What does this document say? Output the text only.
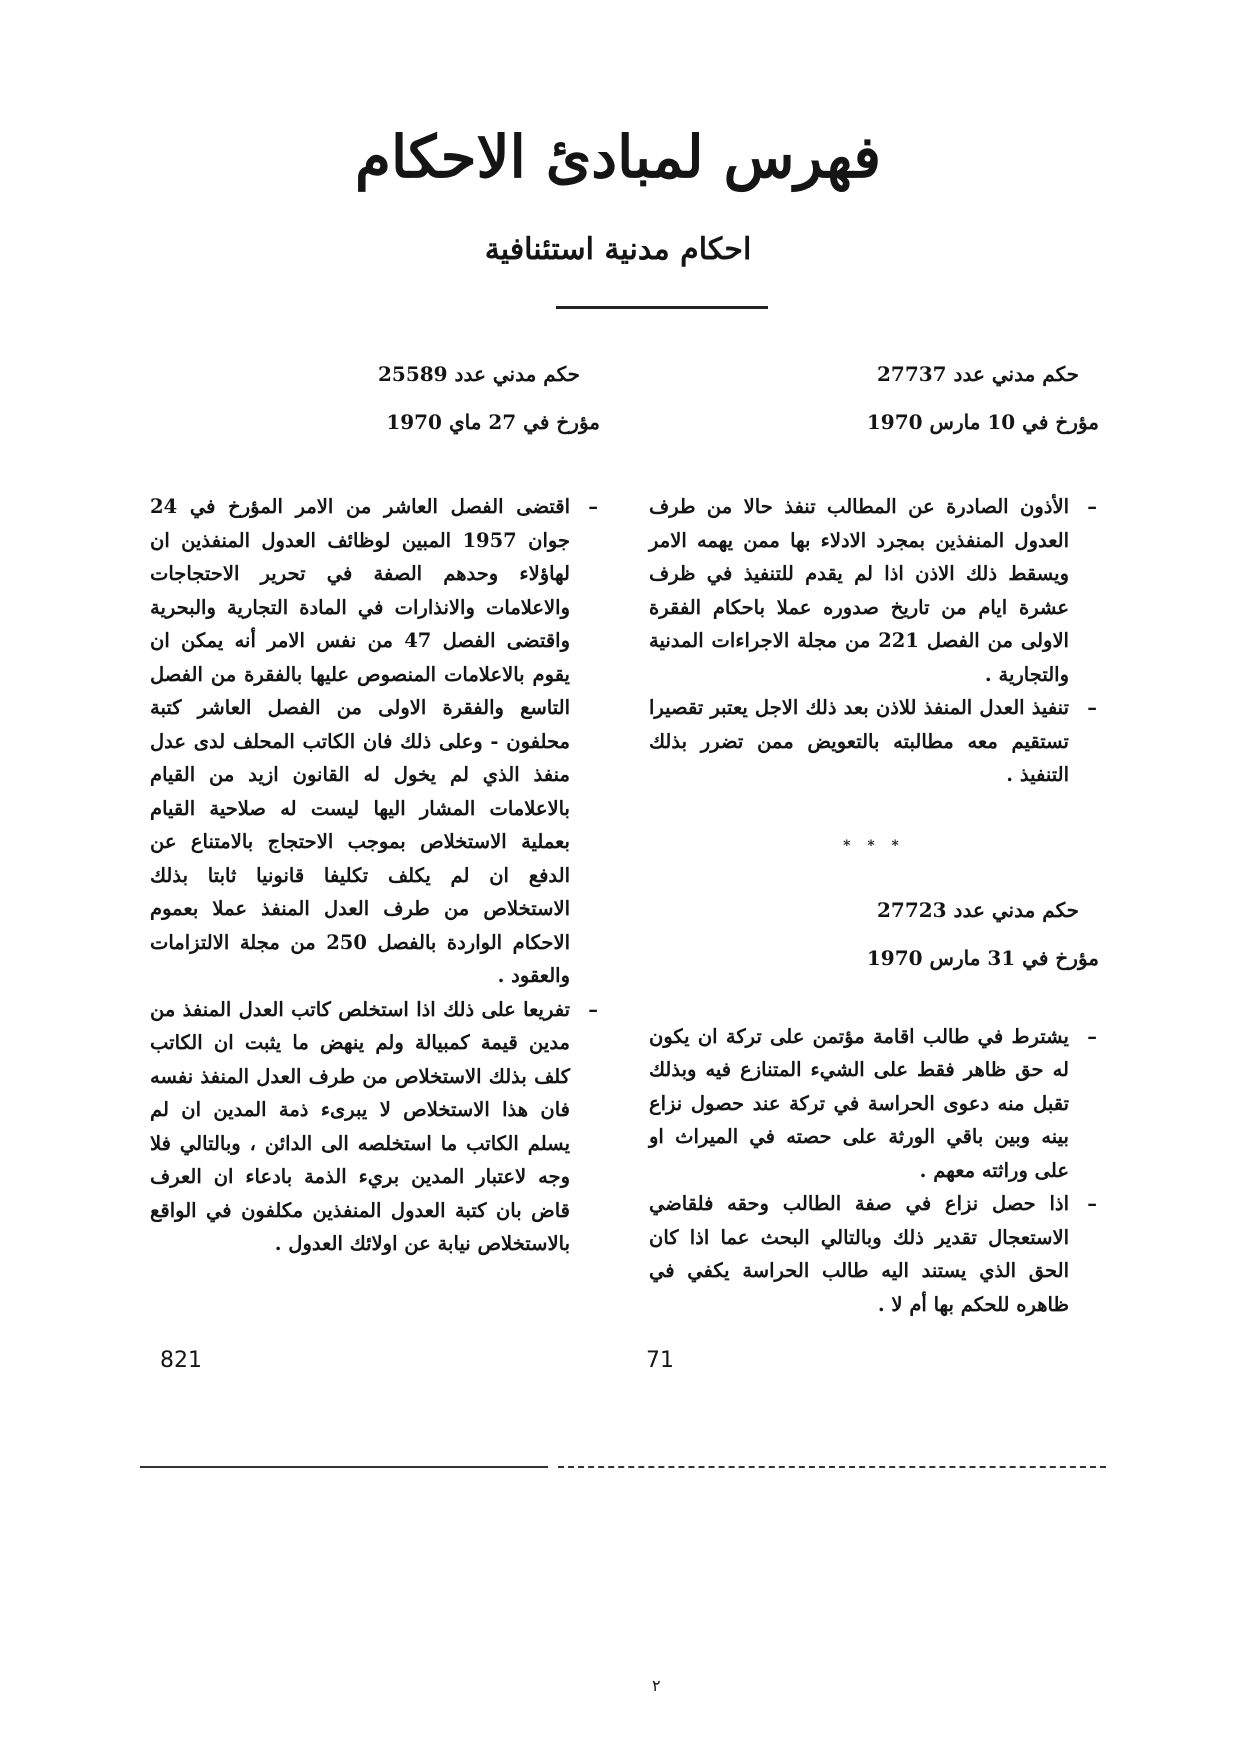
فهرس لمبادئ الاحكام
احكام مدنية استئنافية

حكم مدني عدد 27737

مؤرخ في 10 مارس 1970

–
الأذون الصادرة عن المطالب تنفذ حالا من طرف العدول المنفذين بمجرد الادلاء بها ممن يهمه الامر ويسقط ذلك الاذن اذا لم يقدم للتنفيذ في ظرف عشرة ايام من تاريخ صدوره عملا باحكام الفقرة الاولى من الفصل 221 من مجلة الاجراءات المدنية والتجارية .
–
تنفيذ العدل المنفذ للاذن بعد ذلك الاجل يعتبر تقصيرا تستقيم معه مطالبته بالتعويض ممن تضرر بذلك التنفيذ .
* * *

حكم مدني عدد 27723

مؤرخ في 31 مارس 1970

–
يشترط في طالب اقامة مؤتمن على تركة ان يكون له حق ظاهر فقط على الشيء المتنازع فيه وبذلك تقبل منه دعوى الحراسة في تركة عند حصول نزاع بينه وبين باقي الورثة على حصته في الميراث او على وراثته معهم .
–
اذا حصل نزاع في صفة الطالب وحقه فلقاضي الاستعجال تقدير ذلك وبالتالي البحث عما اذا كان الحق الذي يستند اليه طالب الحراسة يكفي في ظاهره للحكم بها أم لا .

حكم مدني عدد 25589

مؤرخ في 27 ماي 1970

–
اقتضى الفصل العاشر من الامر المؤرخ في 24 جوان 1957 المبين لوظائف العدول المنفذين ان لهاؤلاء وحدهم الصفة في تحرير الاحتجاجات والاعلامات والانذارات في المادة التجارية والبحرية واقتضى الفصل 47 من نفس الامر أنه يمكن ان يقوم بالاعلامات المنصوص عليها بالفقرة من الفصل التاسع والفقرة الاولى من الفصل العاشر كتبة محلفون - وعلى ذلك فان الكاتب المحلف لدى عدل منفذ الذي لم يخول له القانون ازيد من القيام بالاعلامات المشار اليها ليست له صلاحية القيام بعملية الاستخلاص بموجب الاحتجاج بالامتناع عن الدفع ان لم يكلف تكليفا قانونيا ثابتا بذلك الاستخلاص من طرف العدل المنفذ عملا بعموم الاحكام الواردة بالفصل 250 من مجلة الالتزامات والعقود .
–
تفريعا على ذلك اذا استخلص كاتب العدل المنفذ من مدين قيمة كمبيالة ولم ينهض ما يثبت ان الكاتب كلف بذلك الاستخلاص من طرف العدل المنفذ نفسه فان هذا الاستخلاص لا يبرىء ذمة المدين ان لم يسلم الكاتب ما استخلصه الى الدائن ، وبالتالي فلا وجه لاعتبار المدين بريء الذمة بادعاء ان العرف قاض بان كتبة العدول المنفذين مكلفون في الواقع بالاستخلاص نيابة عن اولائك العدول .
821	71
٢
